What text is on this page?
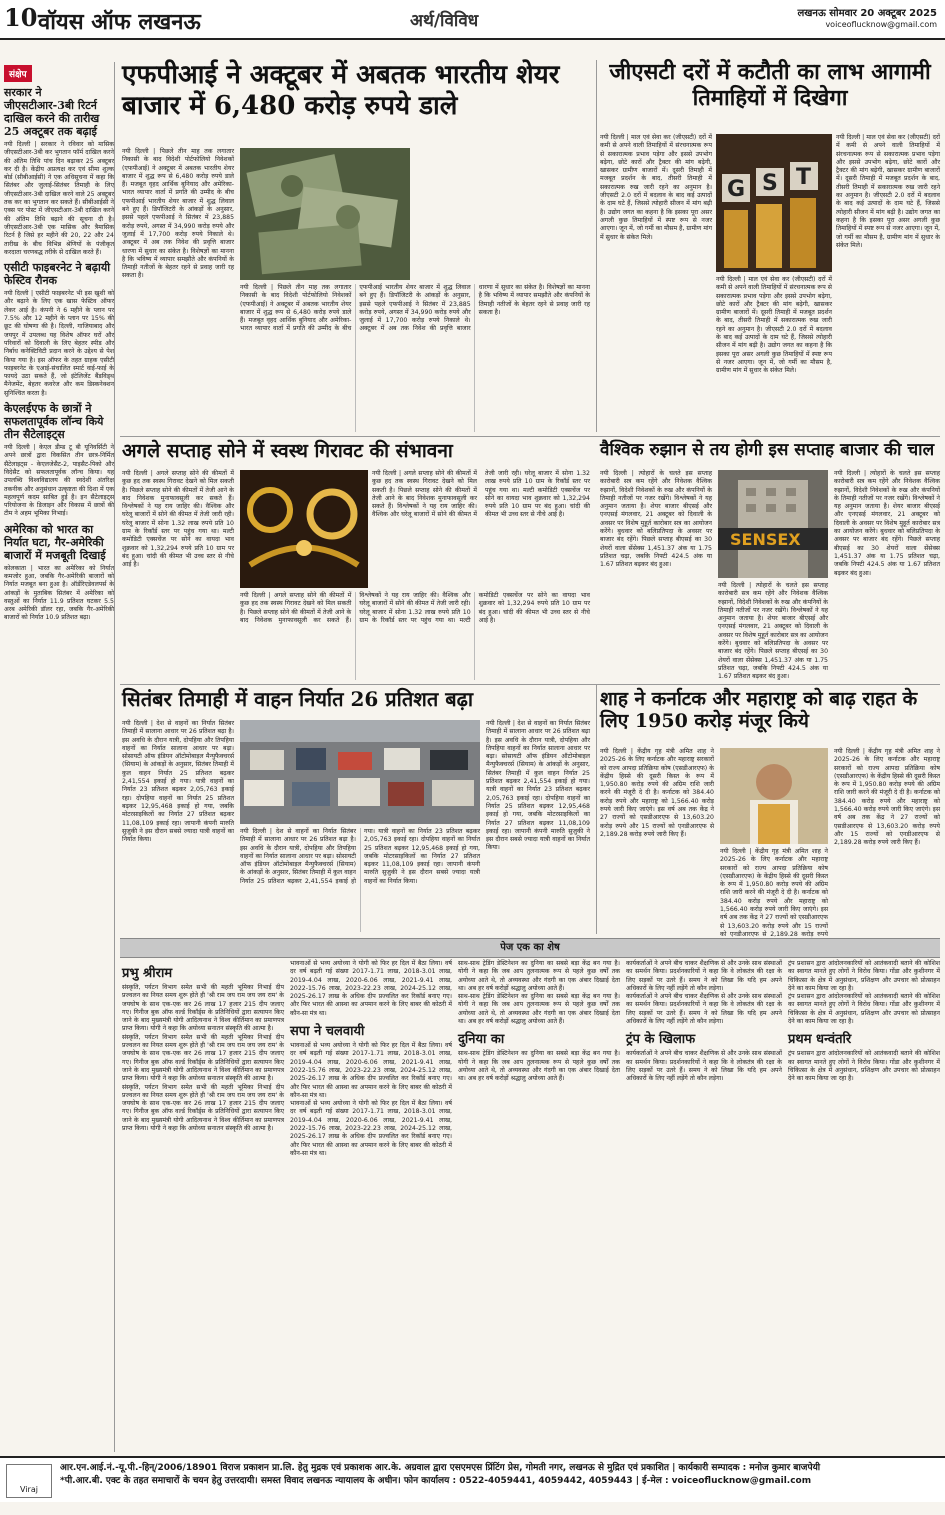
10 वॉयस ऑफ लखनऊ	अर्थ/विविध	लखनऊ सोमवार 20 अक्टूबर 2025
voiceoflucknow@gmail.com
संक्षेप
सरकार ने जीएसटीआर-3बी रिटर्न दाखिल करने की तारीख 25 अक्टूबर तक बढ़ाई
नयी दिल्ली | सरकार ने रविवार को मासिक जीएसटीआर-3बी कर भुगतान फॉर्म दाखिल करने की अंतिम तिथि पांच दिन बढ़ाकर 25 अक्टूबर कर दी है। केंद्रीय अप्रत्यक्ष कर एवं सीमा शुल्क बोर्ड (सीबीआईसी) ने एक अधिसूचना में कहा कि सितंबर और जुलाई-सितंबर तिमाही के लिए जीएसटीआर-3बी दाखिल करने वाले 25 अक्टूबर तक कर का भुगतान कर सकते हैं। सीबीआईसी ने एक्स पर पोस्ट में जीएसटीआर-3बी दाखिल करने की अंतिम तिथि बढ़ाने की सूचना दी है। जीएसटीआर-3बी एक मासिक और त्रैमासिक रिटर्न है जिसे हर महीने की 20, 22 और 24 तारीख के बीच विभिन्न श्रेणियों के पंजीकृत करदाता चरणबद्ध तरीके से दाखिल करते हैं।
एसीटी फाइबरनेट ने बढ़ायी फेस्टिव रौनक
नयी दिल्ली | एसीटी फाइबरनेट भी इस खुशी को और बढ़ाने के लिए एक खास फेस्टिव ऑफर लेकर आई है। कंपनी ने 6 महीने के प्लान पर 7.5% और 12 महीने के प्लान पर 15% की छूट की घोषणा की है। दिल्ली, गाजियाबाद और जयपुर में उपलब्ध यह विशेष ऑफर घरों और परिवारों को दिवाली के लिए बेहतर स्पीड और निर्बाध कनेक्टिविटी प्रदान करने के उद्देश्य से पेश किया गया है। इस ऑफर के तहत ग्राहक एसीटी फाइबरनेट के एआई-संचालित स्मार्ट वाई-फाई के फायदे उठा सकते हैं, जो इंटेलिजेंट बैंडविड्थ मैनेजमेंट, बेहतर कवरेज और कम डिस्कनेक्शन सुनिश्चित करता है।
केएलईएफ के छात्रों ने सफलतापूर्वक लॉन्च किये तीन सैटेलाइट्स
नयी दिल्ली | केएल डीम्ड टू बी यूनिवर्सिटी ने अपने छात्रों द्वारा विकसित तीन छात्र-निर्मित सैटेलाइट्स - केएलजेसैट-2, पाइसैट-पिको और विदेसैट को सफलतापूर्वक लॉन्च किया। यह उपलब्धि विश्वविद्यालय की स्वदेशी अंतरिक्ष तकनीक और अनुसंधान उत्कृष्टता की दिशा में एक महत्वपूर्ण कदम साबित हुई है। इन सैटेलाइट्स परियोजना के डिजाइन और विकास में छात्रों की टीम ने अहम भूमिका निभाई।
अमेरिका को भारत का निर्यात घटा, गैर-अमेरिकी बाजारों में मजबूती दिखाई
कोलकाता | भारत का अमेरिका को निर्यात कमजोर हुआ, जबकि गैर-अमेरिकी बाजारों को निर्यात मजबूत बना हुआ है। ऑर्डरिएडेवलपर्स के आंकड़ों के मुताबिक सितंबर में अमेरिका को वस्तुओं का निर्यात 11.9 प्रतिशत घटकर 5.5 अरब अमेरिकी डॉलर रहा, जबकि गैर-अमेरिकी बाजारों को निर्यात 10.9 प्रतिशत बढ़ा।
एफपीआई ने अक्टूबर में अबतक भारतीय शेयर बाजार में 6,480 करोड़ रुपये डाले
नयी दिल्ली | पिछले तीन माह तक लगातार निकासी के बाद विदेशी पोर्टफोलियो निवेशकों (एफपीआई) ने अक्टूबर में अबतक भारतीय शेयर बाजार में शुद्ध रूप से 6,480 करोड़ रुपये डाले हैं। मजबूत वृहद आर्थिक बुनियाद और अमेरिका-भारत व्यापार वार्ता में प्रगति की उम्मीद के बीच एफपीआई भारतीय शेयर बाजार में शुद्ध लिवाल बने हुए हैं। डिपॉजिटरी के आंकड़ों के अनुसार, इससे पहले एफपीआई ने सितंबर में 23,885 करोड़ रुपये, अगस्त में 34,990 करोड़ रुपये और जुलाई में 17,700 करोड़ रुपये निकाले थे। अक्टूबर में अब तक निवेश की प्रवृत्ति बाजार धारणा में सुधार का संकेत है। विशेषज्ञों का मानना है कि भविष्य में व्यापार समझौते और कंपनियों के तिमाही नतीजों के बेहतर रहने से प्रवाह जारी रह सकता है।
नयी दिल्ली | पिछले तीन माह तक लगातार निकासी के बाद विदेशी पोर्टफोलियो निवेशकों (एफपीआई) ने अक्टूबर में अबतक भारतीय शेयर बाजार में शुद्ध रूप से 6,480 करोड़ रुपये डाले हैं। मजबूत वृहद आर्थिक बुनियाद और अमेरिका-भारत व्यापार वार्ता में प्रगति की उम्मीद के बीच एफपीआई भारतीय शेयर बाजार में शुद्ध लिवाल बने हुए हैं। डिपॉजिटरी के आंकड़ों के अनुसार, इससे पहले एफपीआई ने सितंबर में 23,885 करोड़ रुपये, अगस्त में 34,990 करोड़ रुपये और जुलाई में 17,700 करोड़ रुपये निकाले थे। अक्टूबर में अब तक निवेश की प्रवृत्ति बाजार धारणा में सुधार का संकेत है। विशेषज्ञों का मानना है कि भविष्य में व्यापार समझौते और कंपनियों के तिमाही नतीजों के बेहतर रहने से प्रवाह जारी रह सकता है।
जीएसटी दरों में कटौती का लाभ आगामी तिमाहियों में दिखेगा
G S T
नयी दिल्ली | माल एवं सेवा कर (जीएसटी) दरों में कमी से अपने वाली तिमाहियों में संरचनात्मक रूप से सकारात्मक प्रभाव पड़ेगा और इससे उपभोग बढ़ेगा, छोटे कारों और ट्रैक्टर की मांग बढ़ेगी, खासकर ग्रामीण बाजारों में। दूसरी तिमाही में मजबूत प्रदर्शन के बाद, तीसरी तिमाही में सकारात्मक रुख जारी रहने का अनुमान है। जीएसटी 2.0 दरों में बदलाव के बाद कई उत्पादों के दाम घटे हैं, जिससे त्योहारी सीजन में मांग बढ़ी है। उद्योग जगत का कहना है कि इसका पूरा असर अगली कुछ तिमाहियों में स्पष्ट रूप से नजर आएगा। जून में, जो गर्मी का मौसम है, ग्रामीण मांग में सुधार के संकेत मिले।
नयी दिल्ली | माल एवं सेवा कर (जीएसटी) दरों में कमी से अपने वाली तिमाहियों में संरचनात्मक रूप से सकारात्मक प्रभाव पड़ेगा और इससे उपभोग बढ़ेगा, छोटे कारों और ट्रैक्टर की मांग बढ़ेगी, खासकर ग्रामीण बाजारों में। दूसरी तिमाही में मजबूत प्रदर्शन के बाद, तीसरी तिमाही में सकारात्मक रुख जारी रहने का अनुमान है। जीएसटी 2.0 दरों में बदलाव के बाद कई उत्पादों के दाम घटे हैं, जिससे त्योहारी सीजन में मांग बढ़ी है। उद्योग जगत का कहना है कि इसका पूरा असर अगली कुछ तिमाहियों में स्पष्ट रूप से नजर आएगा। जून में, जो गर्मी का मौसम है, ग्रामीण मांग में सुधार के संकेत मिले।
नयी दिल्ली | माल एवं सेवा कर (जीएसटी) दरों में कमी से अपने वाली तिमाहियों में संरचनात्मक रूप से सकारात्मक प्रभाव पड़ेगा और इससे उपभोग बढ़ेगा, छोटे कारों और ट्रैक्टर की मांग बढ़ेगी, खासकर ग्रामीण बाजारों में। दूसरी तिमाही में मजबूत प्रदर्शन के बाद, तीसरी तिमाही में सकारात्मक रुख जारी रहने का अनुमान है। जीएसटी 2.0 दरों में बदलाव के बाद कई उत्पादों के दाम घटे हैं, जिससे त्योहारी सीजन में मांग बढ़ी है। उद्योग जगत का कहना है कि इसका पूरा असर अगली कुछ तिमाहियों में स्पष्ट रूप से नजर आएगा। जून में, जो गर्मी का मौसम है, ग्रामीण मांग में सुधार के संकेत मिले।
अगले सप्ताह सोने में स्वस्थ गिरावट की संभावना
नयी दिल्ली | अगले सप्ताह सोने की कीमतों में कुछ हद तक स्वस्थ गिरावट देखने को मिल सकती है। पिछले सप्ताह सोने की कीमतों में तेजी आने के बाद निवेशक मुनाफावसूली कर सकते हैं। विश्लेषकों ने यह राय जाहिर की। वैश्विक और घरेलू बाजारों में सोने की कीमत में तेजी जारी रही। घरेलू बाजार में सोना 1.32 लाख रुपये प्रति 10 ग्राम के रिकॉर्ड स्तर पर पहुंच गया था। मल्टी कमोडिटी एक्सचेंज पर सोने का वायदा भाव शुक्रवार को 1,32,294 रुपये प्रति 10 ग्राम पर बंद हुआ। चांदी की कीमत भी उच्च स्तर से नीचे आई है।
नयी दिल्ली | अगले सप्ताह सोने की कीमतों में कुछ हद तक स्वस्थ गिरावट देखने को मिल सकती है। पिछले सप्ताह सोने की कीमतों में तेजी आने के बाद निवेशक मुनाफावसूली कर सकते हैं। विश्लेषकों ने यह राय जाहिर की। वैश्विक और घरेलू बाजारों में सोने की कीमत में तेजी जारी रही। घरेलू बाजार में सोना 1.32 लाख रुपये प्रति 10 ग्राम के रिकॉर्ड स्तर पर पहुंच गया था। मल्टी कमोडिटी एक्सचेंज पर सोने का वायदा भाव शुक्रवार को 1,32,294 रुपये प्रति 10 ग्राम पर बंद हुआ। चांदी की कीमत भी उच्च स्तर से नीचे आई है।
नयी दिल्ली | अगले सप्ताह सोने की कीमतों में कुछ हद तक स्वस्थ गिरावट देखने को मिल सकती है। पिछले सप्ताह सोने की कीमतों में तेजी आने के बाद निवेशक मुनाफावसूली कर सकते हैं। विश्लेषकों ने यह राय जाहिर की। वैश्विक और घरेलू बाजारों में सोने की कीमत में तेजी जारी रही। घरेलू बाजार में सोना 1.32 लाख रुपये प्रति 10 ग्राम के रिकॉर्ड स्तर पर पहुंच गया था। मल्टी कमोडिटी एक्सचेंज पर सोने का वायदा भाव शुक्रवार को 1,32,294 रुपये प्रति 10 ग्राम पर बंद हुआ। चांदी की कीमत भी उच्च स्तर से नीचे आई है।
वैश्विक रुझान से तय होगी इस सप्ताह बाजार की चाल
SENSEX
नयी दिल्ली | त्योहारों के चलते इस सप्ताह कारोबारी सत्र कम रहेंगे और निवेशक वैश्विक रुझानों, विदेशी निवेशकों के रुख और कंपनियों के तिमाही नतीजों पर नजर रखेंगे। विश्लेषकों ने यह अनुमान जताया है। शेयर बाजार बीएसई और एनएसई मंगलवार, 21 अक्टूबर को दिवाली के अवसर पर विशेष मुहूर्त कारोबार सत्र का आयोजन करेंगे। बुधवार को बलिप्रतिपदा के अवसर पर बाजार बंद रहेंगे। पिछले सप्ताह बीएसई का 30 शेयरों वाला सेंसेक्स 1,451.37 अंक या 1.75 प्रतिशत चढ़ा, जबकि निफ्टी 424.5 अंक या 1.67 प्रतिशत बढ़कर बंद हुआ।
नयी दिल्ली | त्योहारों के चलते इस सप्ताह कारोबारी सत्र कम रहेंगे और निवेशक वैश्विक रुझानों, विदेशी निवेशकों के रुख और कंपनियों के तिमाही नतीजों पर नजर रखेंगे। विश्लेषकों ने यह अनुमान जताया है। शेयर बाजार बीएसई और एनएसई मंगलवार, 21 अक्टूबर को दिवाली के अवसर पर विशेष मुहूर्त कारोबार सत्र का आयोजन करेंगे। बुधवार को बलिप्रतिपदा के अवसर पर बाजार बंद रहेंगे। पिछले सप्ताह बीएसई का 30 शेयरों वाला सेंसेक्स 1,451.37 अंक या 1.75 प्रतिशत चढ़ा, जबकि निफ्टी 424.5 अंक या 1.67 प्रतिशत बढ़कर बंद हुआ।
नयी दिल्ली | त्योहारों के चलते इस सप्ताह कारोबारी सत्र कम रहेंगे और निवेशक वैश्विक रुझानों, विदेशी निवेशकों के रुख और कंपनियों के तिमाही नतीजों पर नजर रखेंगे। विश्लेषकों ने यह अनुमान जताया है। शेयर बाजार बीएसई और एनएसई मंगलवार, 21 अक्टूबर को दिवाली के अवसर पर विशेष मुहूर्त कारोबार सत्र का आयोजन करेंगे। बुधवार को बलिप्रतिपदा के अवसर पर बाजार बंद रहेंगे। पिछले सप्ताह बीएसई का 30 शेयरों वाला सेंसेक्स 1,451.37 अंक या 1.75 प्रतिशत चढ़ा, जबकि निफ्टी 424.5 अंक या 1.67 प्रतिशत बढ़कर बंद हुआ।
सितंबर तिमाही में वाहन निर्यात 26 प्रतिशत बढ़ा
नयी दिल्ली | देश से वाहनों का निर्यात सितंबर तिमाही में सालाना आधार पर 26 प्रतिशत बढ़ा है। इस अवधि के दौरान यात्री, दोपहिया और तिपहिया वाहनों का निर्यात सालाना आधार पर बढ़ा। सोसायटी ऑफ इंडियन ऑटोमोबाइल मैन्युफैक्चरर्स (सियाम) के आंकड़ों के अनुसार, सितंबर तिमाही में कुल वाहन निर्यात 25 प्रतिशत बढ़कर 2,41,554 इकाई हो गया। यात्री वाहनों का निर्यात 23 प्रतिशत बढ़कर 2,05,763 इकाई रहा। दोपहिया वाहनों का निर्यात 25 प्रतिशत बढ़कर 12,95,468 इकाई हो गया, जबकि मोटरसाइकिलों का निर्यात 27 प्रतिशत बढ़कर 11,08,109 इकाई रहा। जापानी कंपनी मारुति सुजुकी ने इस दौरान सबसे ज्यादा यात्री वाहनों का निर्यात किया।
नयी दिल्ली | देश से वाहनों का निर्यात सितंबर तिमाही में सालाना आधार पर 26 प्रतिशत बढ़ा है। इस अवधि के दौरान यात्री, दोपहिया और तिपहिया वाहनों का निर्यात सालाना आधार पर बढ़ा। सोसायटी ऑफ इंडियन ऑटोमोबाइल मैन्युफैक्चरर्स (सियाम) के आंकड़ों के अनुसार, सितंबर तिमाही में कुल वाहन निर्यात 25 प्रतिशत बढ़कर 2,41,554 इकाई हो गया। यात्री वाहनों का निर्यात 23 प्रतिशत बढ़कर 2,05,763 इकाई रहा। दोपहिया वाहनों का निर्यात 25 प्रतिशत बढ़कर 12,95,468 इकाई हो गया, जबकि मोटरसाइकिलों का निर्यात 27 प्रतिशत बढ़कर 11,08,109 इकाई रहा। जापानी कंपनी मारुति सुजुकी ने इस दौरान सबसे ज्यादा यात्री वाहनों का निर्यात किया।
नयी दिल्ली | देश से वाहनों का निर्यात सितंबर तिमाही में सालाना आधार पर 26 प्रतिशत बढ़ा है। इस अवधि के दौरान यात्री, दोपहिया और तिपहिया वाहनों का निर्यात सालाना आधार पर बढ़ा। सोसायटी ऑफ इंडियन ऑटोमोबाइल मैन्युफैक्चरर्स (सियाम) के आंकड़ों के अनुसार, सितंबर तिमाही में कुल वाहन निर्यात 25 प्रतिशत बढ़कर 2,41,554 इकाई हो गया। यात्री वाहनों का निर्यात 23 प्रतिशत बढ़कर 2,05,763 इकाई रहा। दोपहिया वाहनों का निर्यात 25 प्रतिशत बढ़कर 12,95,468 इकाई हो गया, जबकि मोटरसाइकिलों का निर्यात 27 प्रतिशत बढ़कर 11,08,109 इकाई रहा। जापानी कंपनी मारुति सुजुकी ने इस दौरान सबसे ज्यादा यात्री वाहनों का निर्यात किया।
शाह ने कर्नाटक और महाराष्ट्र को बाढ़ राहत के लिए 1950 करोड़ मंजूर किये
नयी दिल्ली | केंद्रीय गृह मंत्री अमित शाह ने 2025-26 के लिए कर्नाटक और महाराष्ट्र सरकारों को राज्य आपदा प्रतिक्रिया कोष (एसडीआरएफ) के केंद्रीय हिस्से की दूसरी किस्त के रूप में 1,950.80 करोड़ रुपये की अग्रिम राशि जारी करने की मंजूरी दे दी है। कर्नाटक को 384.40 करोड़ रुपये और महाराष्ट्र को 1,566.40 करोड़ रुपये जारी किए जाएंगे। इस वर्ष अब तक केंद्र ने 27 राज्यों को एसडीआरएफ से 13,603.20 करोड़ रुपये और 15 राज्यों को एनडीआरएफ से 2,189.28 करोड़ रुपये जारी किए हैं।
नयी दिल्ली | केंद्रीय गृह मंत्री अमित शाह ने 2025-26 के लिए कर्नाटक और महाराष्ट्र सरकारों को राज्य आपदा प्रतिक्रिया कोष (एसडीआरएफ) के केंद्रीय हिस्से की दूसरी किस्त के रूप में 1,950.80 करोड़ रुपये की अग्रिम राशि जारी करने की मंजूरी दे दी है। कर्नाटक को 384.40 करोड़ रुपये और महाराष्ट्र को 1,566.40 करोड़ रुपये जारी किए जाएंगे। इस वर्ष अब तक केंद्र ने 27 राज्यों को एसडीआरएफ से 13,603.20 करोड़ रुपये और 15 राज्यों को एनडीआरएफ से 2,189.28 करोड़ रुपये जारी किए हैं।
नयी दिल्ली | केंद्रीय गृह मंत्री अमित शाह ने 2025-26 के लिए कर्नाटक और महाराष्ट्र सरकारों को राज्य आपदा प्रतिक्रिया कोष (एसडीआरएफ) के केंद्रीय हिस्से की दूसरी किस्त के रूप में 1,950.80 करोड़ रुपये की अग्रिम राशि जारी करने की मंजूरी दे दी है। कर्नाटक को 384.40 करोड़ रुपये और महाराष्ट्र को 1,566.40 करोड़ रुपये जारी किए जाएंगे। इस वर्ष अब तक केंद्र ने 27 राज्यों को एसडीआरएफ से 13,603.20 करोड़ रुपये और 15 राज्यों को एनडीआरएफ से 2,189.28 करोड़ रुपये
पेज एक का शेष
प्रभु श्रीराम
संस्कृति, पर्यटन विभाग समेत सभी की महती भूमिका निभाई दीप प्रज्वलन का नियत समय शुरू होते ही 'श्री राम जय राम जय जय राम' के जयघोष के साथ एक-एक कर 26 लाख 17 हजार 215 दीप जलाए गए। गिनीज बुक ऑफ वर्ल्ड रिकॉर्ड्स के प्रतिनिधियों द्वारा सत्यापन किए जाने के बाद मुख्यमंत्री योगी आदित्यनाथ ने विश्व कीर्तिमान का प्रमाणपत्र प्राप्त किया। योगी ने कहा कि अयोध्या सनातन संस्कृति की आत्मा है।
संस्कृति, पर्यटन विभाग समेत सभी की महती भूमिका निभाई दीप प्रज्वलन का नियत समय शुरू होते ही 'श्री राम जय राम जय जय राम' के जयघोष के साथ एक-एक कर 26 लाख 17 हजार 215 दीप जलाए गए। गिनीज बुक ऑफ वर्ल्ड रिकॉर्ड्स के प्रतिनिधियों द्वारा सत्यापन किए जाने के बाद मुख्यमंत्री योगी आदित्यनाथ ने विश्व कीर्तिमान का प्रमाणपत्र प्राप्त किया। योगी ने कहा कि अयोध्या सनातन संस्कृति की आत्मा है।
संस्कृति, पर्यटन विभाग समेत सभी की महती भूमिका निभाई दीप प्रज्वलन का नियत समय शुरू होते ही 'श्री राम जय राम जय जय राम' के जयघोष के साथ एक-एक कर 26 लाख 17 हजार 215 दीप जलाए गए। गिनीज बुक ऑफ वर्ल्ड रिकॉर्ड्स के प्रतिनिधियों द्वारा सत्यापन किए जाने के बाद मुख्यमंत्री योगी आदित्यनाथ ने विश्व कीर्तिमान का प्रमाणपत्र प्राप्त किया। योगी ने कहा कि अयोध्या सनातन संस्कृति की आत्मा है।
भावनाओं से भव्य अयोध्या ने योगी को फिर हर दिल में बैठा लिया। वर्ष दर वर्ष बढ़ती गई संख्या 2017-1.71 लाख, 2018-3.01 लाख, 2019-4.04 लाख, 2020-6.06 लाख, 2021-9.41 लाख, 2022-15.76 लाख, 2023-22.23 लाख, 2024-25.12 लाख, 2025-26.17 लाख के अधिक दीप प्रज्वलित कर रिकॉर्ड बनाए गए। और फिर भारत की आस्था का अपमान करने के लिए बाबर की कोठरी में कौन-सा मंत्र था।
सपा ने चलवायी
भावनाओं से भव्य अयोध्या ने योगी को फिर हर दिल में बैठा लिया। वर्ष दर वर्ष बढ़ती गई संख्या 2017-1.71 लाख, 2018-3.01 लाख, 2019-4.04 लाख, 2020-6.06 लाख, 2021-9.41 लाख, 2022-15.76 लाख, 2023-22.23 लाख, 2024-25.12 लाख, 2025-26.17 लाख के अधिक दीप प्रज्वलित कर रिकॉर्ड बनाए गए। और फिर भारत की आस्था का अपमान करने के लिए बाबर की कोठरी में कौन-सा मंत्र था।
भावनाओं से भव्य अयोध्या ने योगी को फिर हर दिल में बैठा लिया। वर्ष दर वर्ष बढ़ती गई संख्या 2017-1.71 लाख, 2018-3.01 लाख, 2019-4.04 लाख, 2020-6.06 लाख, 2021-9.41 लाख, 2022-15.76 लाख, 2023-22.23 लाख, 2024-25.12 लाख, 2025-26.17 लाख के अधिक दीप प्रज्वलित कर रिकॉर्ड बनाए गए। और फिर भारत की आस्था का अपमान करने के लिए बाबर की कोठरी में कौन-सा मंत्र था।
साथ-साथ ट्रेडिंग डेस्टिनेशन का दुनिया का सबसे बड़ा केंद्र बन गया है। योगी ने कहा कि जब आप तुलनात्मक रूप से पहले कुछ वर्षों तक अयोध्या आते थे, तो अव्यवस्था और गंदगी का एक अंबार दिखाई देता था। अब हर वर्ष करोड़ों श्रद्धालु अयोध्या आते हैं।
साथ-साथ ट्रेडिंग डेस्टिनेशन का दुनिया का सबसे बड़ा केंद्र बन गया है। योगी ने कहा कि जब आप तुलनात्मक रूप से पहले कुछ वर्षों तक अयोध्या आते थे, तो अव्यवस्था और गंदगी का एक अंबार दिखाई देता था। अब हर वर्ष करोड़ों श्रद्धालु अयोध्या आते हैं।
दुनिया का
साथ-साथ ट्रेडिंग डेस्टिनेशन का दुनिया का सबसे बड़ा केंद्र बन गया है। योगी ने कहा कि जब आप तुलनात्मक रूप से पहले कुछ वर्षों तक अयोध्या आते थे, तो अव्यवस्था और गंदगी का एक अंबार दिखाई देता था। अब हर वर्ष करोड़ों श्रद्धालु अयोध्या आते हैं।
कार्यकर्ताओं ने अपने बीच चाकर शैक्षणिक से और उनके साथ संस्थाओं का समर्थन किया। प्रदर्शनकारियों ने कहा कि वे लोकतंत्र की रक्षा के लिए सड़कों पर उतरे हैं। समय ने को लिखा कि यदि हम अपने अधिकारों के लिए नहीं लड़ेंगे तो कौन लड़ेगा।
कार्यकर्ताओं ने अपने बीच चाकर शैक्षणिक से और उनके साथ संस्थाओं का समर्थन किया। प्रदर्शनकारियों ने कहा कि वे लोकतंत्र की रक्षा के लिए सड़कों पर उतरे हैं। समय ने को लिखा कि यदि हम अपने अधिकारों के लिए नहीं लड़ेंगे तो कौन लड़ेगा।
ट्रंप के खिलाफ
कार्यकर्ताओं ने अपने बीच चाकर शैक्षणिक से और उनके साथ संस्थाओं का समर्थन किया। प्रदर्शनकारियों ने कहा कि वे लोकतंत्र की रक्षा के लिए सड़कों पर उतरे हैं। समय ने को लिखा कि यदि हम अपने अधिकारों के लिए नहीं लड़ेंगे तो कौन लड़ेगा।
ट्रंप प्रशासन द्वारा आंदोलनकारियों को आतंकवादी बताने की कोशिश का स्वागत मानते हुए लोगों ने विरोध किया। गोंडा और कुशीनगर में चिकित्सा के क्षेत्र में अनुसंधान, प्रशिक्षण और उपचार को प्रोत्साहन देने का काम किया जा रहा है।
ट्रंप प्रशासन द्वारा आंदोलनकारियों को आतंकवादी बताने की कोशिश का स्वागत मानते हुए लोगों ने विरोध किया। गोंडा और कुशीनगर में चिकित्सा के क्षेत्र में अनुसंधान, प्रशिक्षण और उपचार को प्रोत्साहन देने का काम किया जा रहा है।
प्रथम धन्वंतरि
ट्रंप प्रशासन द्वारा आंदोलनकारियों को आतंकवादी बताने की कोशिश का स्वागत मानते हुए लोगों ने विरोध किया। गोंडा और कुशीनगर में चिकित्सा के क्षेत्र में अनुसंधान, प्रशिक्षण और उपचार को प्रोत्साहन देने का काम किया जा रहा है।
Viraj
आर.एन.आई.नं.-यू.पी.-हिन्/2006/18901 विराज प्रकाशन प्रा.लि. हेतु मुद्रक एवं प्रकाशक आर.के. अग्रवाल द्वारा एसएमएस प्रिंटिंग प्रेस, गोमती नगर, लखनऊ से मुद्रित एवं प्रकाशित | कार्यकारी सम्पादक : मनोज कुमार बाजपेयी
*पी.आर.बी. एक्ट के तहत समाचारों के चयन हेतु उत्तरदायी। समस्त विवाद लखनऊ न्यायालय के अधीन। फोन कार्यालय : 0522-4059441, 4059442, 4059443 | ई-मेल : voiceoflucknow@gmail.com
